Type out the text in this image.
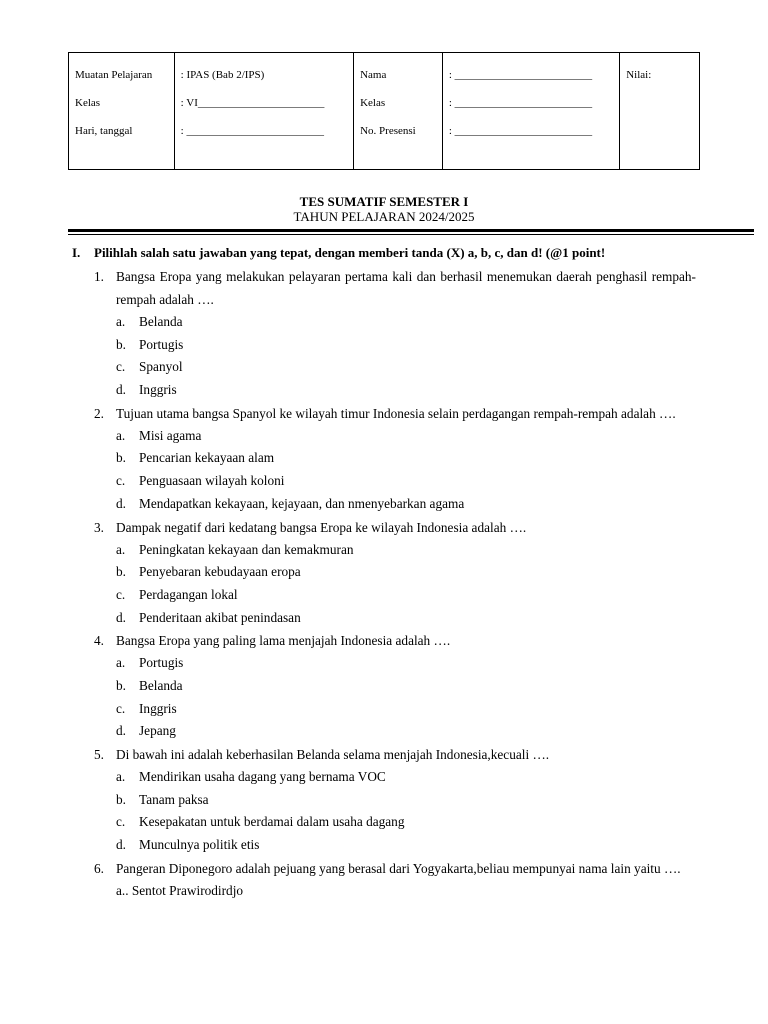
Muatan Pelajaran
Kelas
Hari, tanggal
: IPAS (Bab 2/IPS)
: VI_______________________
: _________________________
Nama
Kelas
No. Presensi
: _________________________
: _________________________
: _________________________
Nilai:
TES SUMATIF SEMESTER I
TAHUN PELAJARAN 2024/2025
I. Pilihlah salah satu jawaban yang tepat, dengan memberi tanda (X) a, b, c, dan d! (@1 point!
1. Bangsa Eropa yang melakukan pelayaran pertama kali dan berhasil menemukan daerah penghasil rempah-rempah adalah ….
a. Belanda
b. Portugis
c. Spanyol
d. Inggris
2. Tujuan utama bangsa Spanyol ke wilayah timur Indonesia selain perdagangan rempah-rempah adalah ….
a. Misi agama
b. Pencarian kekayaan alam
c. Penguasaan wilayah koloni
d. Mendapatkan kekayaan, kejayaan, dan nmenyebarkan agama
3. Dampak negatif dari kedatang bangsa Eropa ke wilayah Indonesia adalah ….
a. Peningkatan kekayaan dan kemakmuran
b. Penyebaran kebudayaan eropa
c. Perdagangan lokal
d. Penderitaan akibat penindasan
4. Bangsa Eropa yang paling lama menjajah Indonesia adalah ….
a. Portugis
b. Belanda
c. Inggris
d. Jepang
5. Di bawah ini adalah keberhasilan Belanda selama menjajah Indonesia,kecuali ….
a. Mendirikan usaha dagang yang bernama VOC
b. Tanam paksa
c. Kesepakatan untuk berdamai dalam usaha dagang
d. Munculnya politik etis
6. Pangeran Diponegoro adalah pejuang yang berasal dari Yogyakarta,beliau mempunyai nama lain yaitu ….
a.. Sentot Prawirodirdjo
